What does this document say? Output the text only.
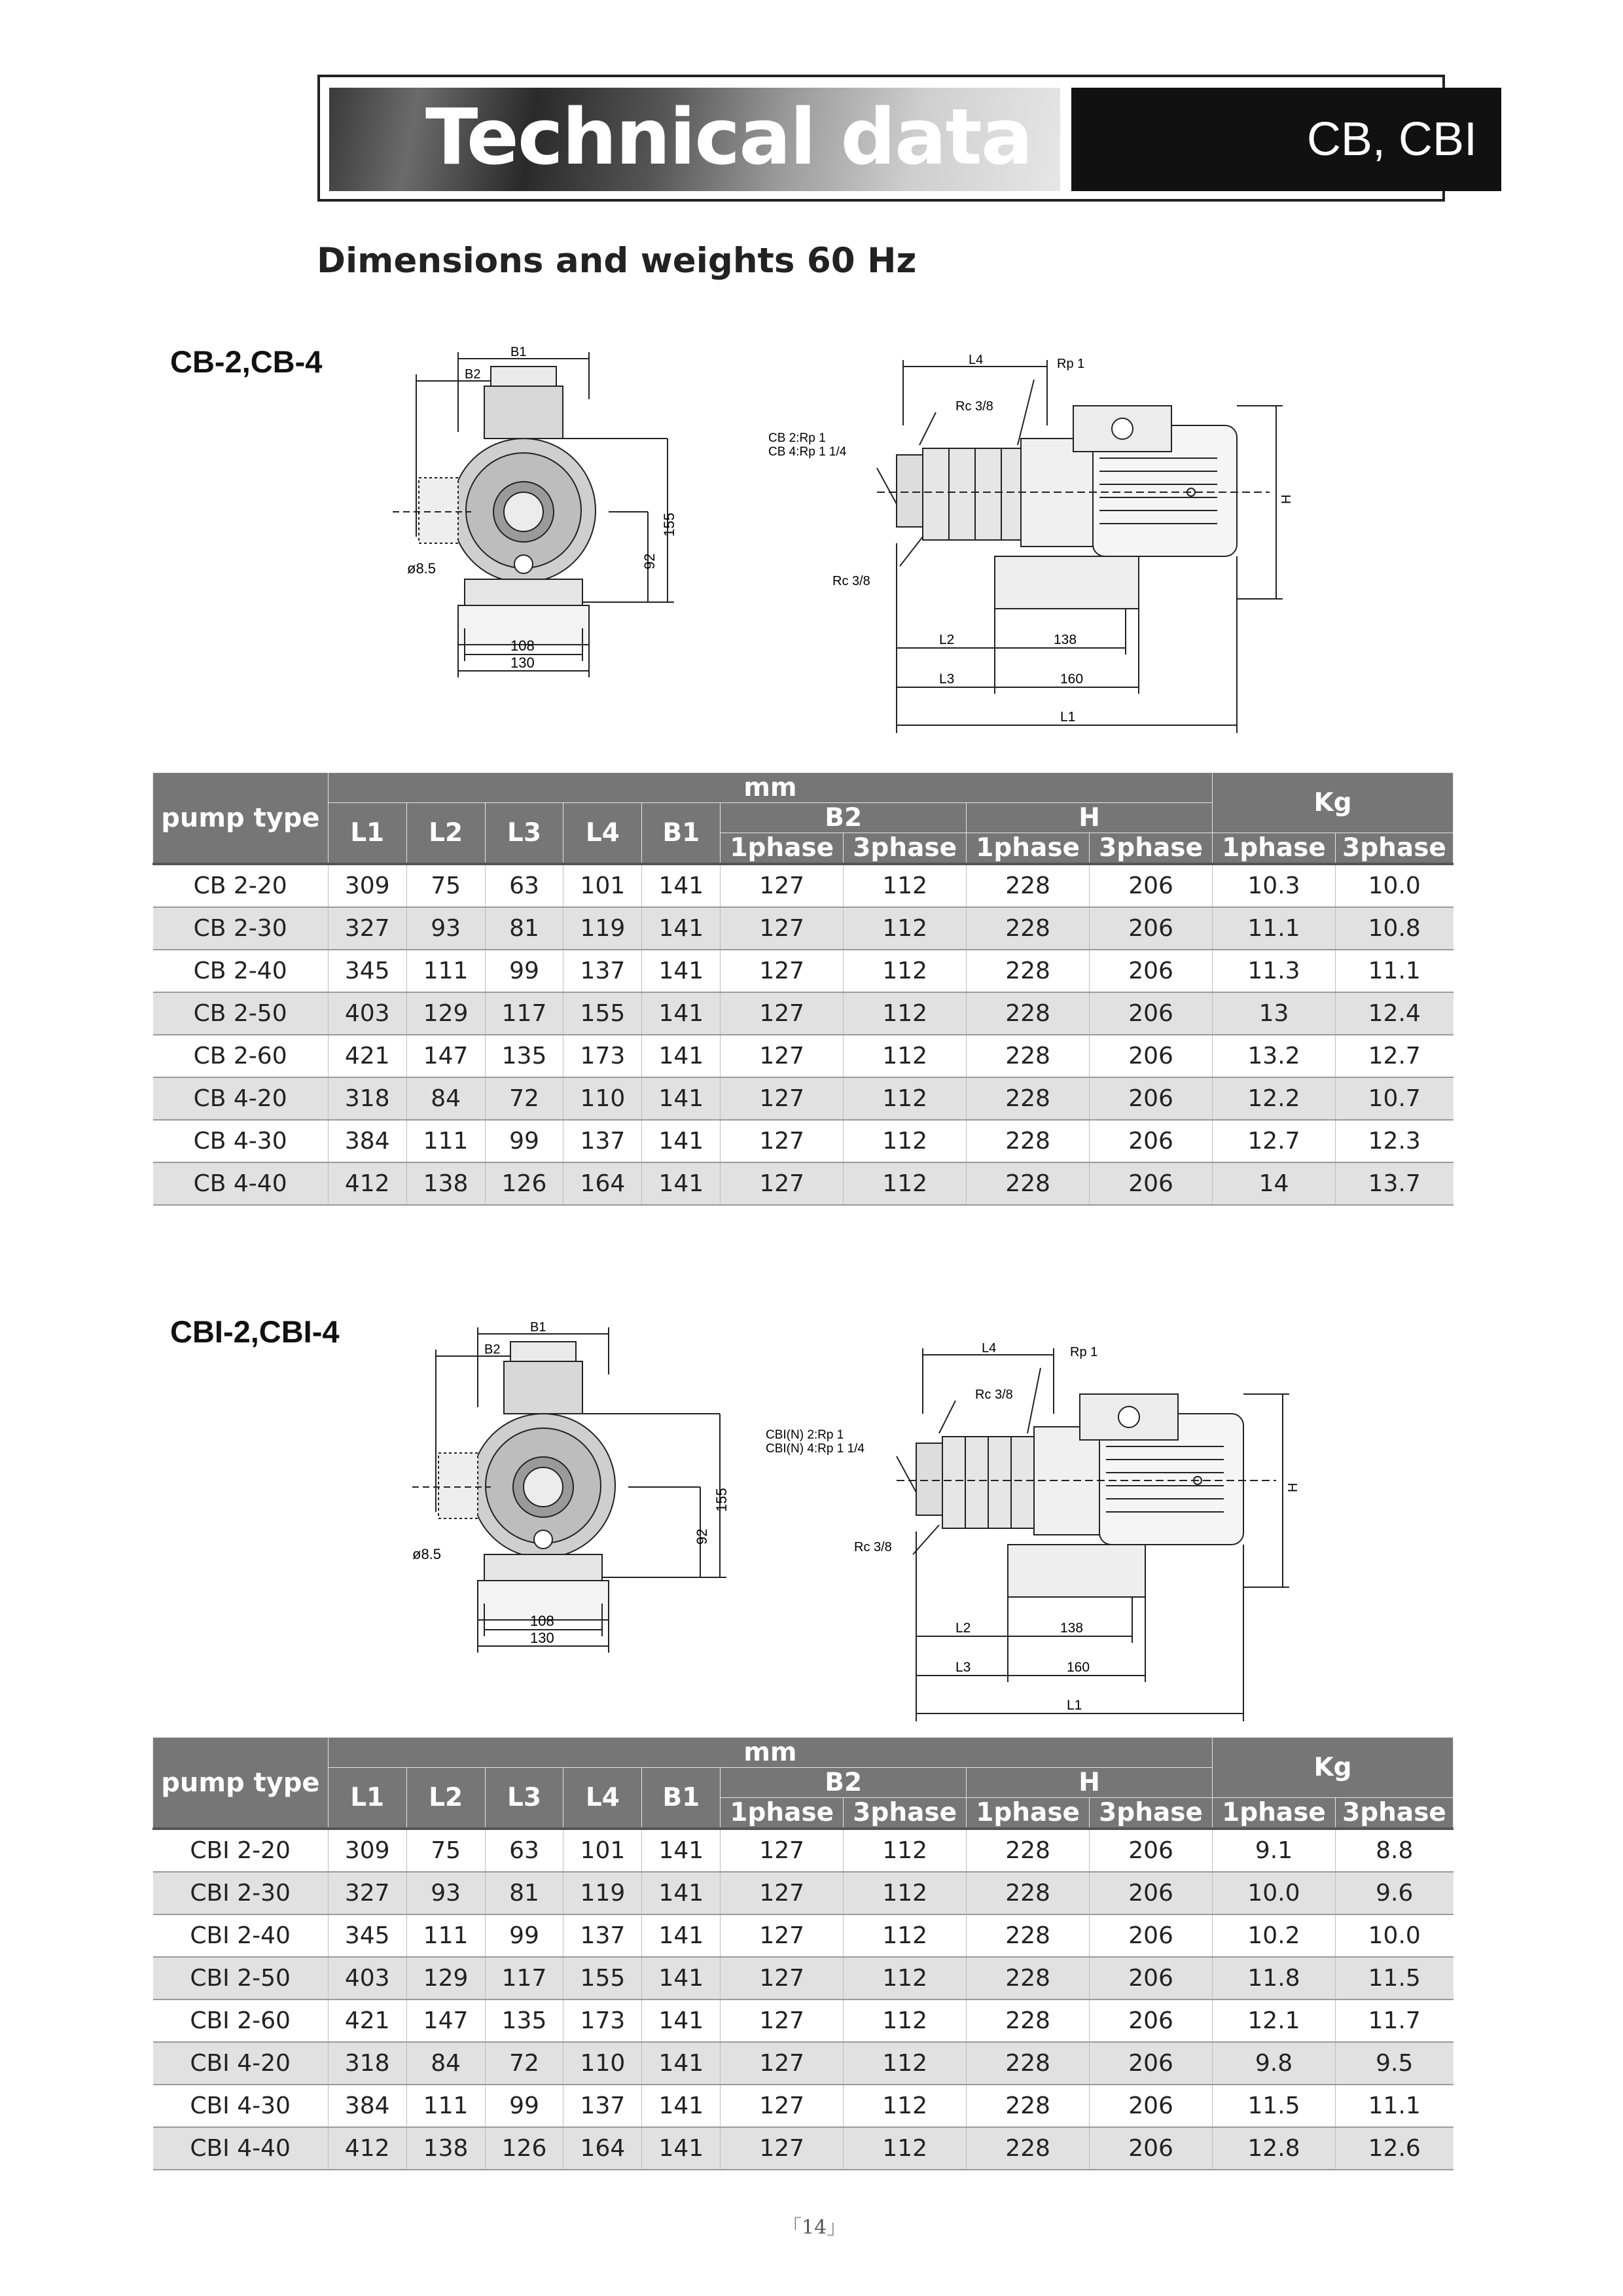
Technical data	CB, CBI
Dimensions and weights 60 Hz
CB-2,CB-4	B1
B2
155
92
ø8.5
108
130
L4	Rp 1
Rc 3/8
CB 2:Rp 1
CB 4:Rp 1 1/4
Rc 3/8
H
L2	138
L3	160
L1
pump type	mm									Kg	
	L1	L2	L3	L4	B1	B2		H			
						1phase	3phase	1phase	3phase	1phase	3phase
CB 2-20	309	75	63	101	141	127	112	228	206	10.3	10.0
CB 2-30	327	93	81	119	141	127	112	228	206	11.1	10.8
CB 2-40	345	111	99	137	141	127	112	228	206	11.3	11.1
CB 2-50	403	129	117	155	141	127	112	228	206	13	12.4
CB 2-60	421	147	135	173	141	127	112	228	206	13.2	12.7
CB 4-20	318	84	72	110	141	127	112	228	206	12.2	10.7
CB 4-30	384	111	99	137	141	127	112	228	206	12.7	12.3
CB 4-40	412	138	126	164	141	127	112	228	206	14	13.7
CBI-2,CBI-4	B1
B2
155
92
ø8.5
108
130
L4	Rp 1
Rc 3/8
CBI(N) 2:Rp 1
CBI(N) 4:Rp 1 1/4
Rc 3/8
H
L2	138
L3	160
L1
pump type	mm									Kg	
	L1	L2	L3	L4	B1	B2		H			
						1phase	3phase	1phase	3phase	1phase	3phase
CBI 2-20	309	75	63	101	141	127	112	228	206	9.1	8.8
CBI 2-30	327	93	81	119	141	127	112	228	206	10.0	9.6
CBI 2-40	345	111	99	137	141	127	112	228	206	10.2	10.0
CBI 2-50	403	129	117	155	141	127	112	228	206	11.8	11.5
CBI 2-60	421	147	135	173	141	127	112	228	206	12.1	11.7
CBI 4-20	318	84	72	110	141	127	112	228	206	9.8	9.5
CBI 4-30	384	111	99	137	141	127	112	228	206	11.5	11.1
CBI 4-40	412	138	126	164	141	127	112	228	206	12.8	12.6
「14」
